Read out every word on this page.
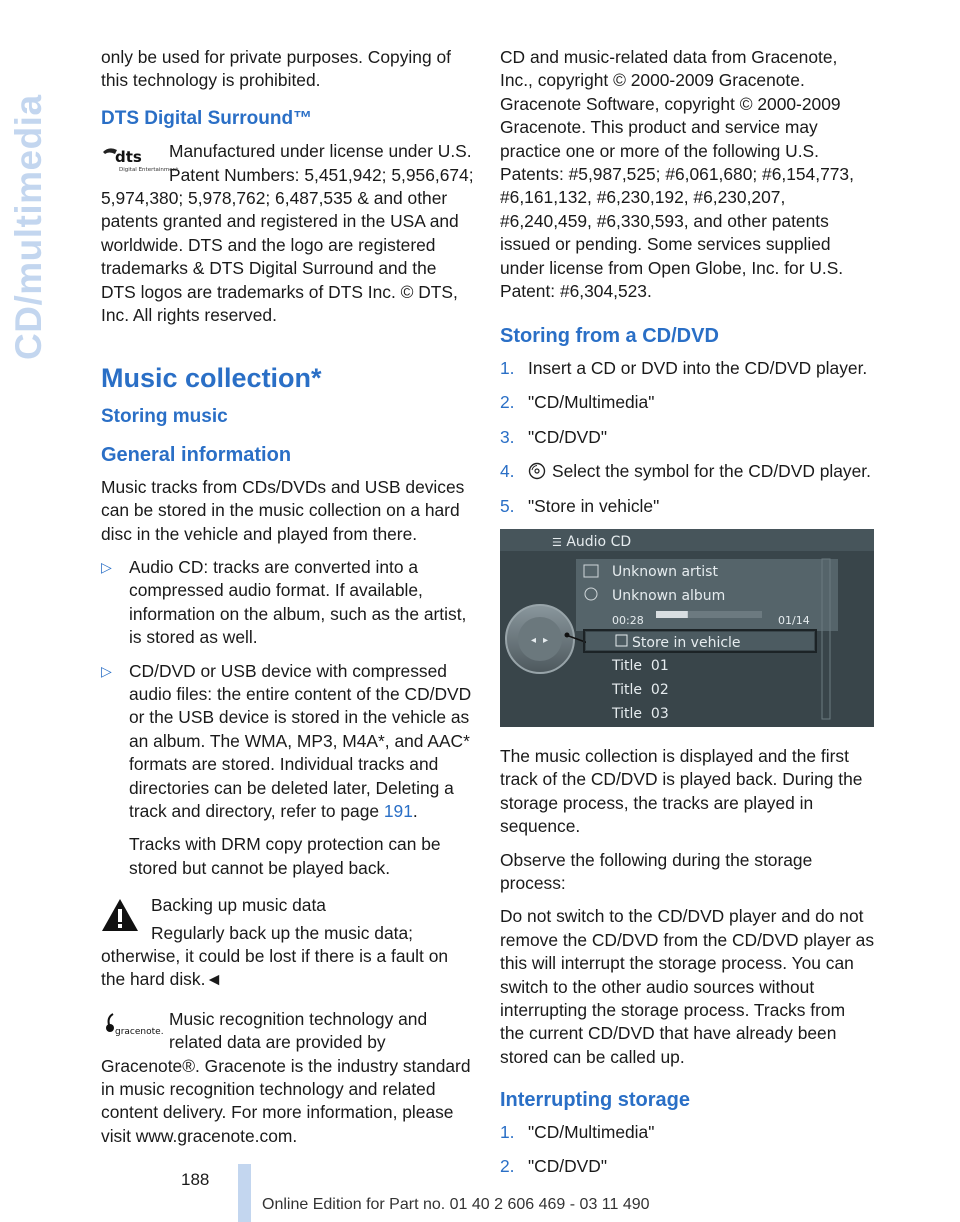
CD/multimedia

only be used for private purposes. Copying of this technology is prohibited.

DTS Digital Surround™
dts
Digital Entertainment

Manufactured under license under U.S. Patent Numbers: 5,451,942; 5,956,674; 5,974,380; 5,978,762; 6,487,535 & and other patents granted and registered in the USA and worldwide. DTS and the logo are registered trademarks & DTS Digital Surround and the DTS logos are trademarks of DTS Inc. © DTS, Inc. All rights reserved.

Music collection*
Storing music
General information

Music tracks from CDs/DVDs and USB devices can be stored in the music collection on a hard disc in the vehicle and played from there.

▷ Audio CD: tracks are converted into a compressed audio format. If available, information on the album, such as the artist, is stored as well.
▷ CD/DVD or USB device with compressed audio files: the entire content of the CD/DVD or the USB device is stored in the vehicle as an album. The WMA, MP3, M4A*, and AAC* formats are stored. Individual tracks and directories can be deleted later, Deleting a track and directory, refer to page 191.

Tracks with DRM copy protection can be stored but cannot be played back.

Backing up music data

Regularly back up the music data; otherwise, it could be lost if there is a fault on the hard disk.◄

gracenote.

Music recognition technology and related data are provided by Gracenote®. Gracenote is the industry standard in music recognition technology and related content delivery. For more information, please visit www.gracenote.com.

CD and music-related data from Gracenote, Inc., copyright © 2000-2009 Gracenote. Gracenote Software, copyright © 2000-2009 Gracenote. This product and service may practice one or more of the following U.S. Patents: #5,987,525; #6,061,680; #6,154,773, #6,161,132, #6,230,192, #6,230,207, #6,240,459, #6,330,593, and other patents issued or pending. Some services supplied under license from Open Globe, Inc. for U.S. Patent: #6,304,523.

Storing from a CD/DVD
1. Insert a CD or DVD into the CD/DVD player.
2. "CD/Multimedia"
3. "CD/DVD"
4. Select the symbol for the CD/DVD player.
5. "Store in vehicle"
◂ ▸
☰ Audio CD
Unknown artist
Unknown album
00:28	01/14
Store in vehicle
Title 01
Title 02
Title 03

The music collection is displayed and the first track of the CD/DVD is played back. During the storage process, the tracks are played in sequence.

Observe the following during the storage process:

Do not switch to the CD/DVD player and do not remove the CD/DVD from the CD/DVD player as this will interrupt the storage process. You can switch to the other audio sources without interrupting the storage process. Tracks from the current CD/DVD that have already been stored can be called up.

Interrupting storage
1. "CD/Multimedia"
2. "CD/DVD"
188
Online Edition for Part no. 01 40 2 606 469 - 03 11 490
